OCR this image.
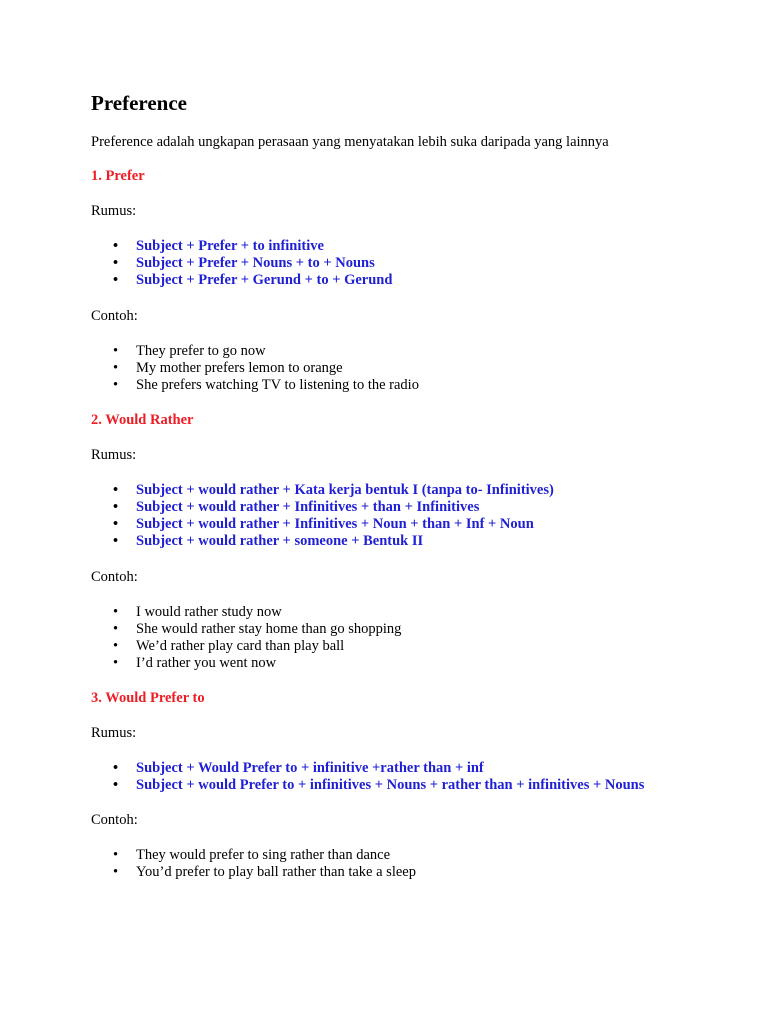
Preference

Preference adalah ungkapan perasaan yang menyatakan lebih suka daripada yang lainnya

1. Prefer

Rumus:

• Subject + Prefer + to infinitive
• Subject + Prefer + Nouns + to + Nouns
• Subject + Prefer + Gerund + to + Gerund

Contoh:

• They prefer to go now
• My mother prefers lemon to orange
• She prefers watching TV to listening to the radio

2. Would Rather

Rumus:

• Subject + would rather + Kata kerja bentuk I (tanpa to- Infinitives)
• Subject + would rather + Infinitives + than + Infinitives
• Subject + would rather + Infinitives + Noun + than + Inf + Noun
• Subject + would rather + someone + Bentuk II

Contoh:

• I would rather study now
• She would rather stay home than go shopping
• We’d rather play card than play ball
• I’d rather you went now

3. Would Prefer to

Rumus:

• Subject + Would Prefer to + infinitive +rather than + inf
• Subject + would Prefer to + infinitives + Nouns + rather than + infinitives + Nouns

Contoh:

• They would prefer to sing rather than dance
• You’d prefer to play ball rather than take a sleep
